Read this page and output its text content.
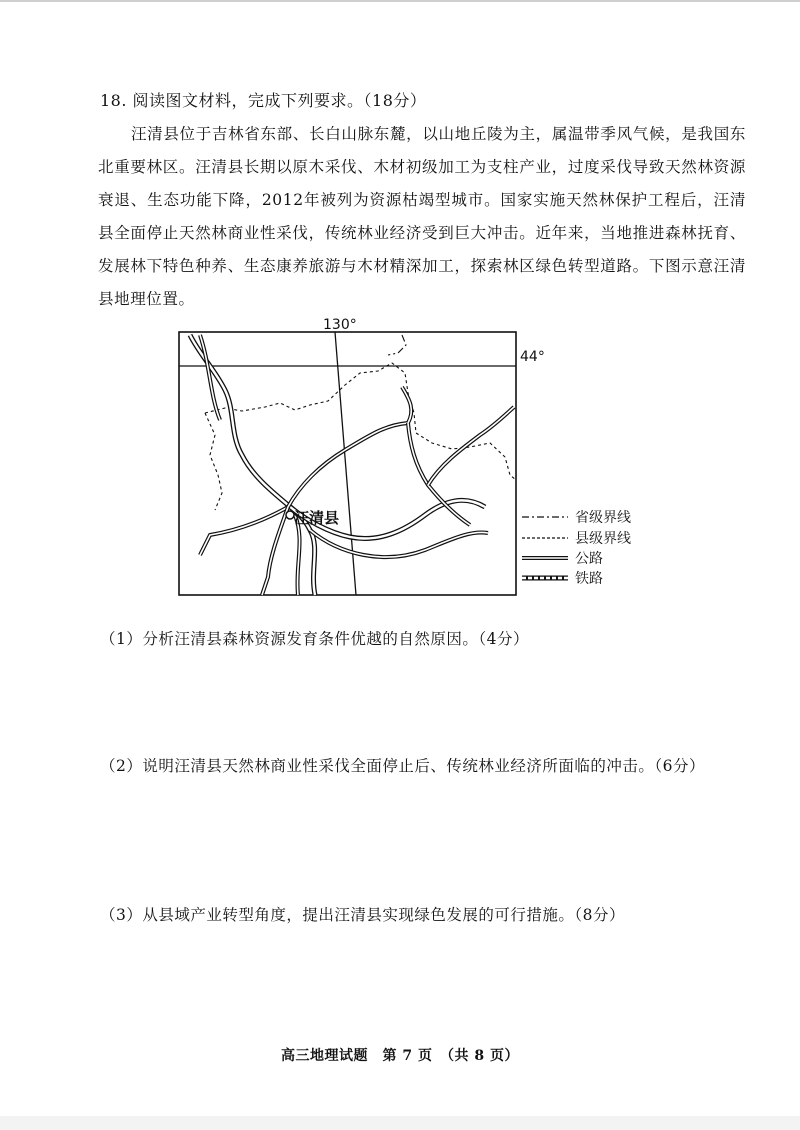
18. 阅读图文材料，完成下列要求。（18分）
汪清县位于吉林省东部、长白山脉东麓，以山地丘陵为主，属温带季风气候，是我国东北重要林区。汪清县长期以原木采伐、木材初级加工为支柱产业，过度采伐导致天然林资源衰退、生态功能下降，2012年被列为资源枯竭型城市。国家实施天然林保护工程后，汪清县全面停止天然林商业性采伐，传统林业经济受到巨大冲击。近年来，当地推进森林抚育、发展林下特色种养、生态康养旅游与木材精深加工，探索林区绿色转型道路。下图示意汪清县地理位置。
130°
44°
汪清县	省级界线
县级界线
公路
铁路
（1）分析汪清县森林资源发育条件优越的自然原因。（4分）
（2）说明汪清县天然林商业性采伐全面停止后、传统林业经济所面临的冲击。（6分）
（3）从县域产业转型角度，提出汪清县实现绿色发展的可行措施。（8分）
高三地理试题　第 7 页　（共 8 页）
